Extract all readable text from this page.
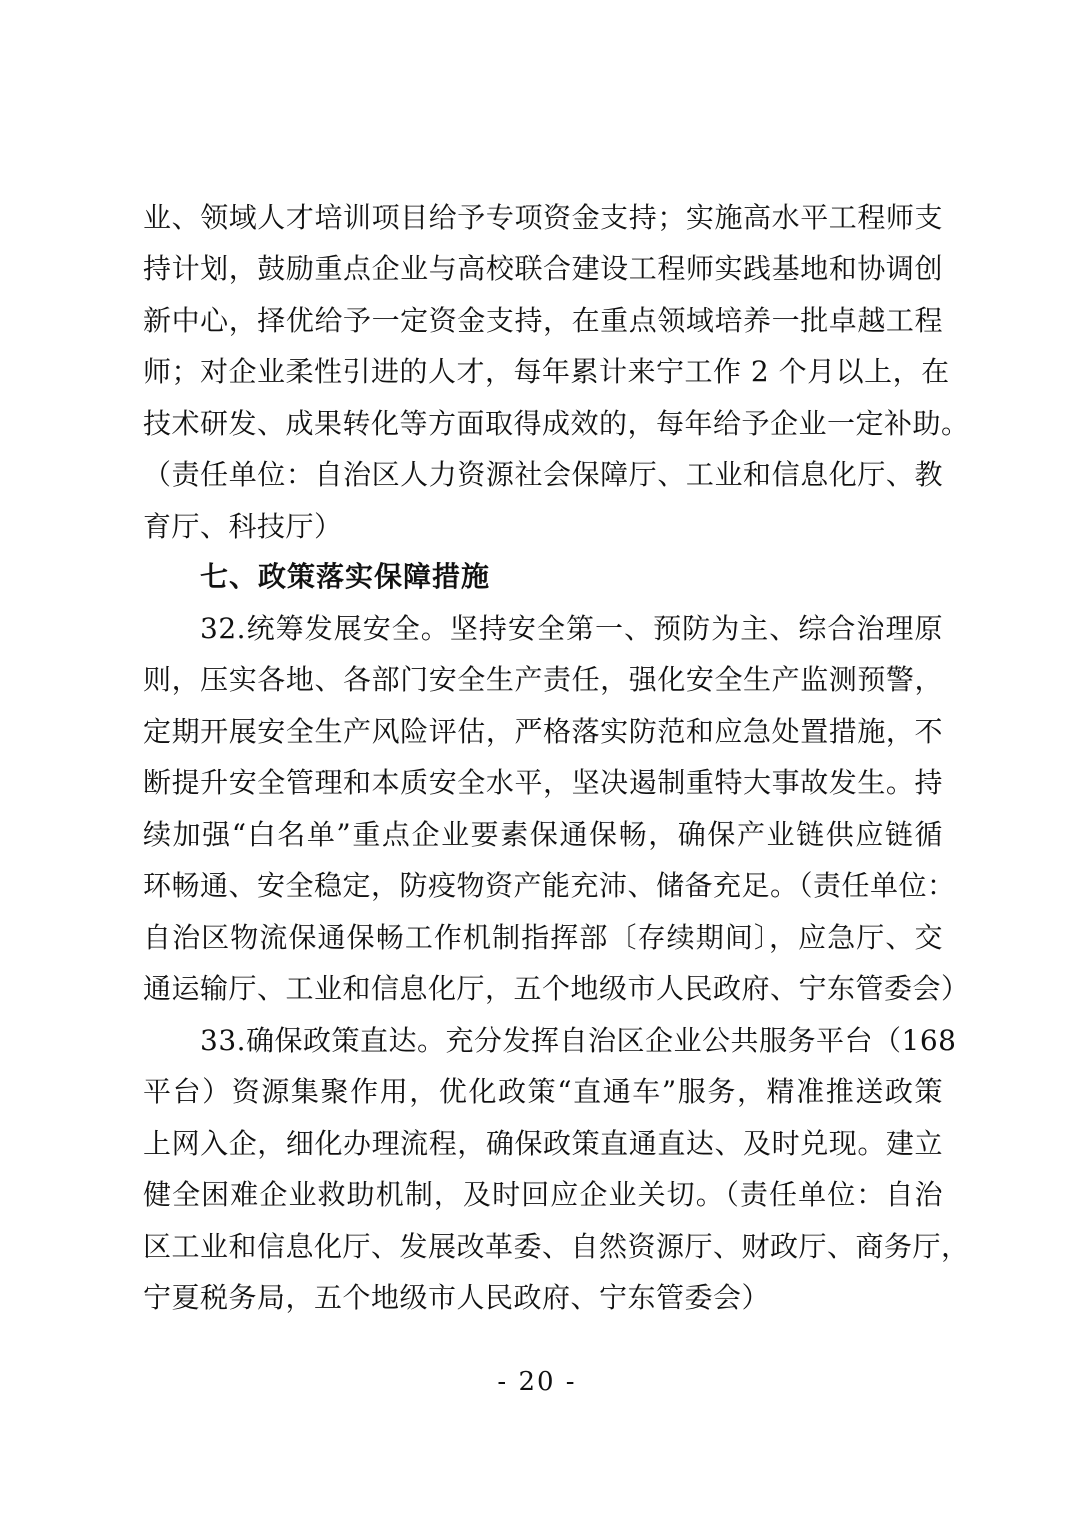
业、领域人才培训项目给予专项资金支持；实施高水平工程师支
持计划，鼓励重点企业与高校联合建设工程师实践基地和协调创
新中心，择优给予一定资金支持，在重点领域培养一批卓越工程
师；对企业柔性引进的人才，每年累计来宁工作 2 个月以上，在
技术研发、成果转化等方面取得成效的，每年给予企业一定补助。
（责任单位：自治区人力资源社会保障厅、工业和信息化厅、教
育厅、科技厅）
七、政策落实保障措施
32.统筹发展安全。坚持安全第一、预防为主、综合治理原
则，压实各地、各部门安全生产责任，强化安全生产监测预警，
定期开展安全生产风险评估，严格落实防范和应急处置措施，不
断提升安全管理和本质安全水平，坚决遏制重特大事故发生。持
续加强“白名单”重点企业要素保通保畅，确保产业链供应链循
环畅通、安全稳定，防疫物资产能充沛、储备充足。（责任单位：
自治区物流保通保畅工作机制指挥部〔存续期间〕，应急厅、交
通运输厅、工业和信息化厅，五个地级市人民政府、宁东管委会）
33.确保政策直达。充分发挥自治区企业公共服务平台（168
平台）资源集聚作用，优化政策“直通车”服务，精准推送政策
上网入企，细化办理流程，确保政策直通直达、及时兑现。建立
健全困难企业救助机制，及时回应企业关切。（责任单位：自治
区工业和信息化厅、发展改革委、自然资源厅、财政厅、商务厅，
宁夏税务局，五个地级市人民政府、宁东管委会）
- 20 -
